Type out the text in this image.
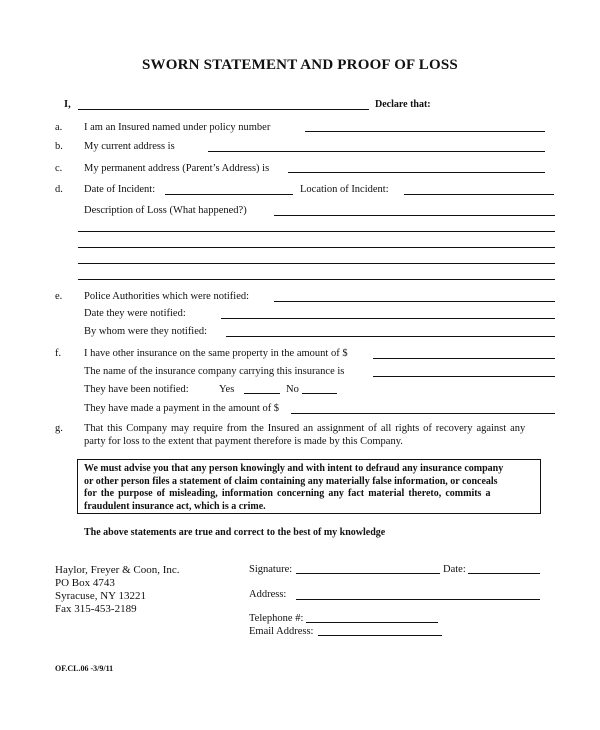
SWORN STATEMENT AND PROOF OF LOSS
I,	Declare that:
a. I am an Insured named under policy number
b. My current address is
c. My permanent address (Parent’s Address) is
d. Date of Incident:	Location of Incident:
Description of Loss (What happened?)
e. Police Authorities which were notified:
Date they were notified:
By whom were they notified:
f. I have other insurance on the same property in the amount of $
The name of the insurance company carrying this insurance is
They have been notified:	Yes	No
They have made a payment in the amount of $
g. That this Company may require from the Insured an assignment of all rights of recovery against any
party for loss to the extent that payment therefore is made by this Company.
We must advise you that any person knowingly and with intent to defraud any insurance company
or other person files a statement of claim containing any materially false information, or conceals
for the purpose of misleading, information concerning any fact material thereto, commits a
fraudulent insurance act, which is a crime.
The above statements are true and correct to the best of my knowledge
Haylor, Freyer & Coon, Inc.
PO Box 4743
Syracuse, NY 13221
Fax 315-453-2189
Signature:	Date:
Address:
Telephone #:
Email Address:
OF.CL.06 -3/9/11
